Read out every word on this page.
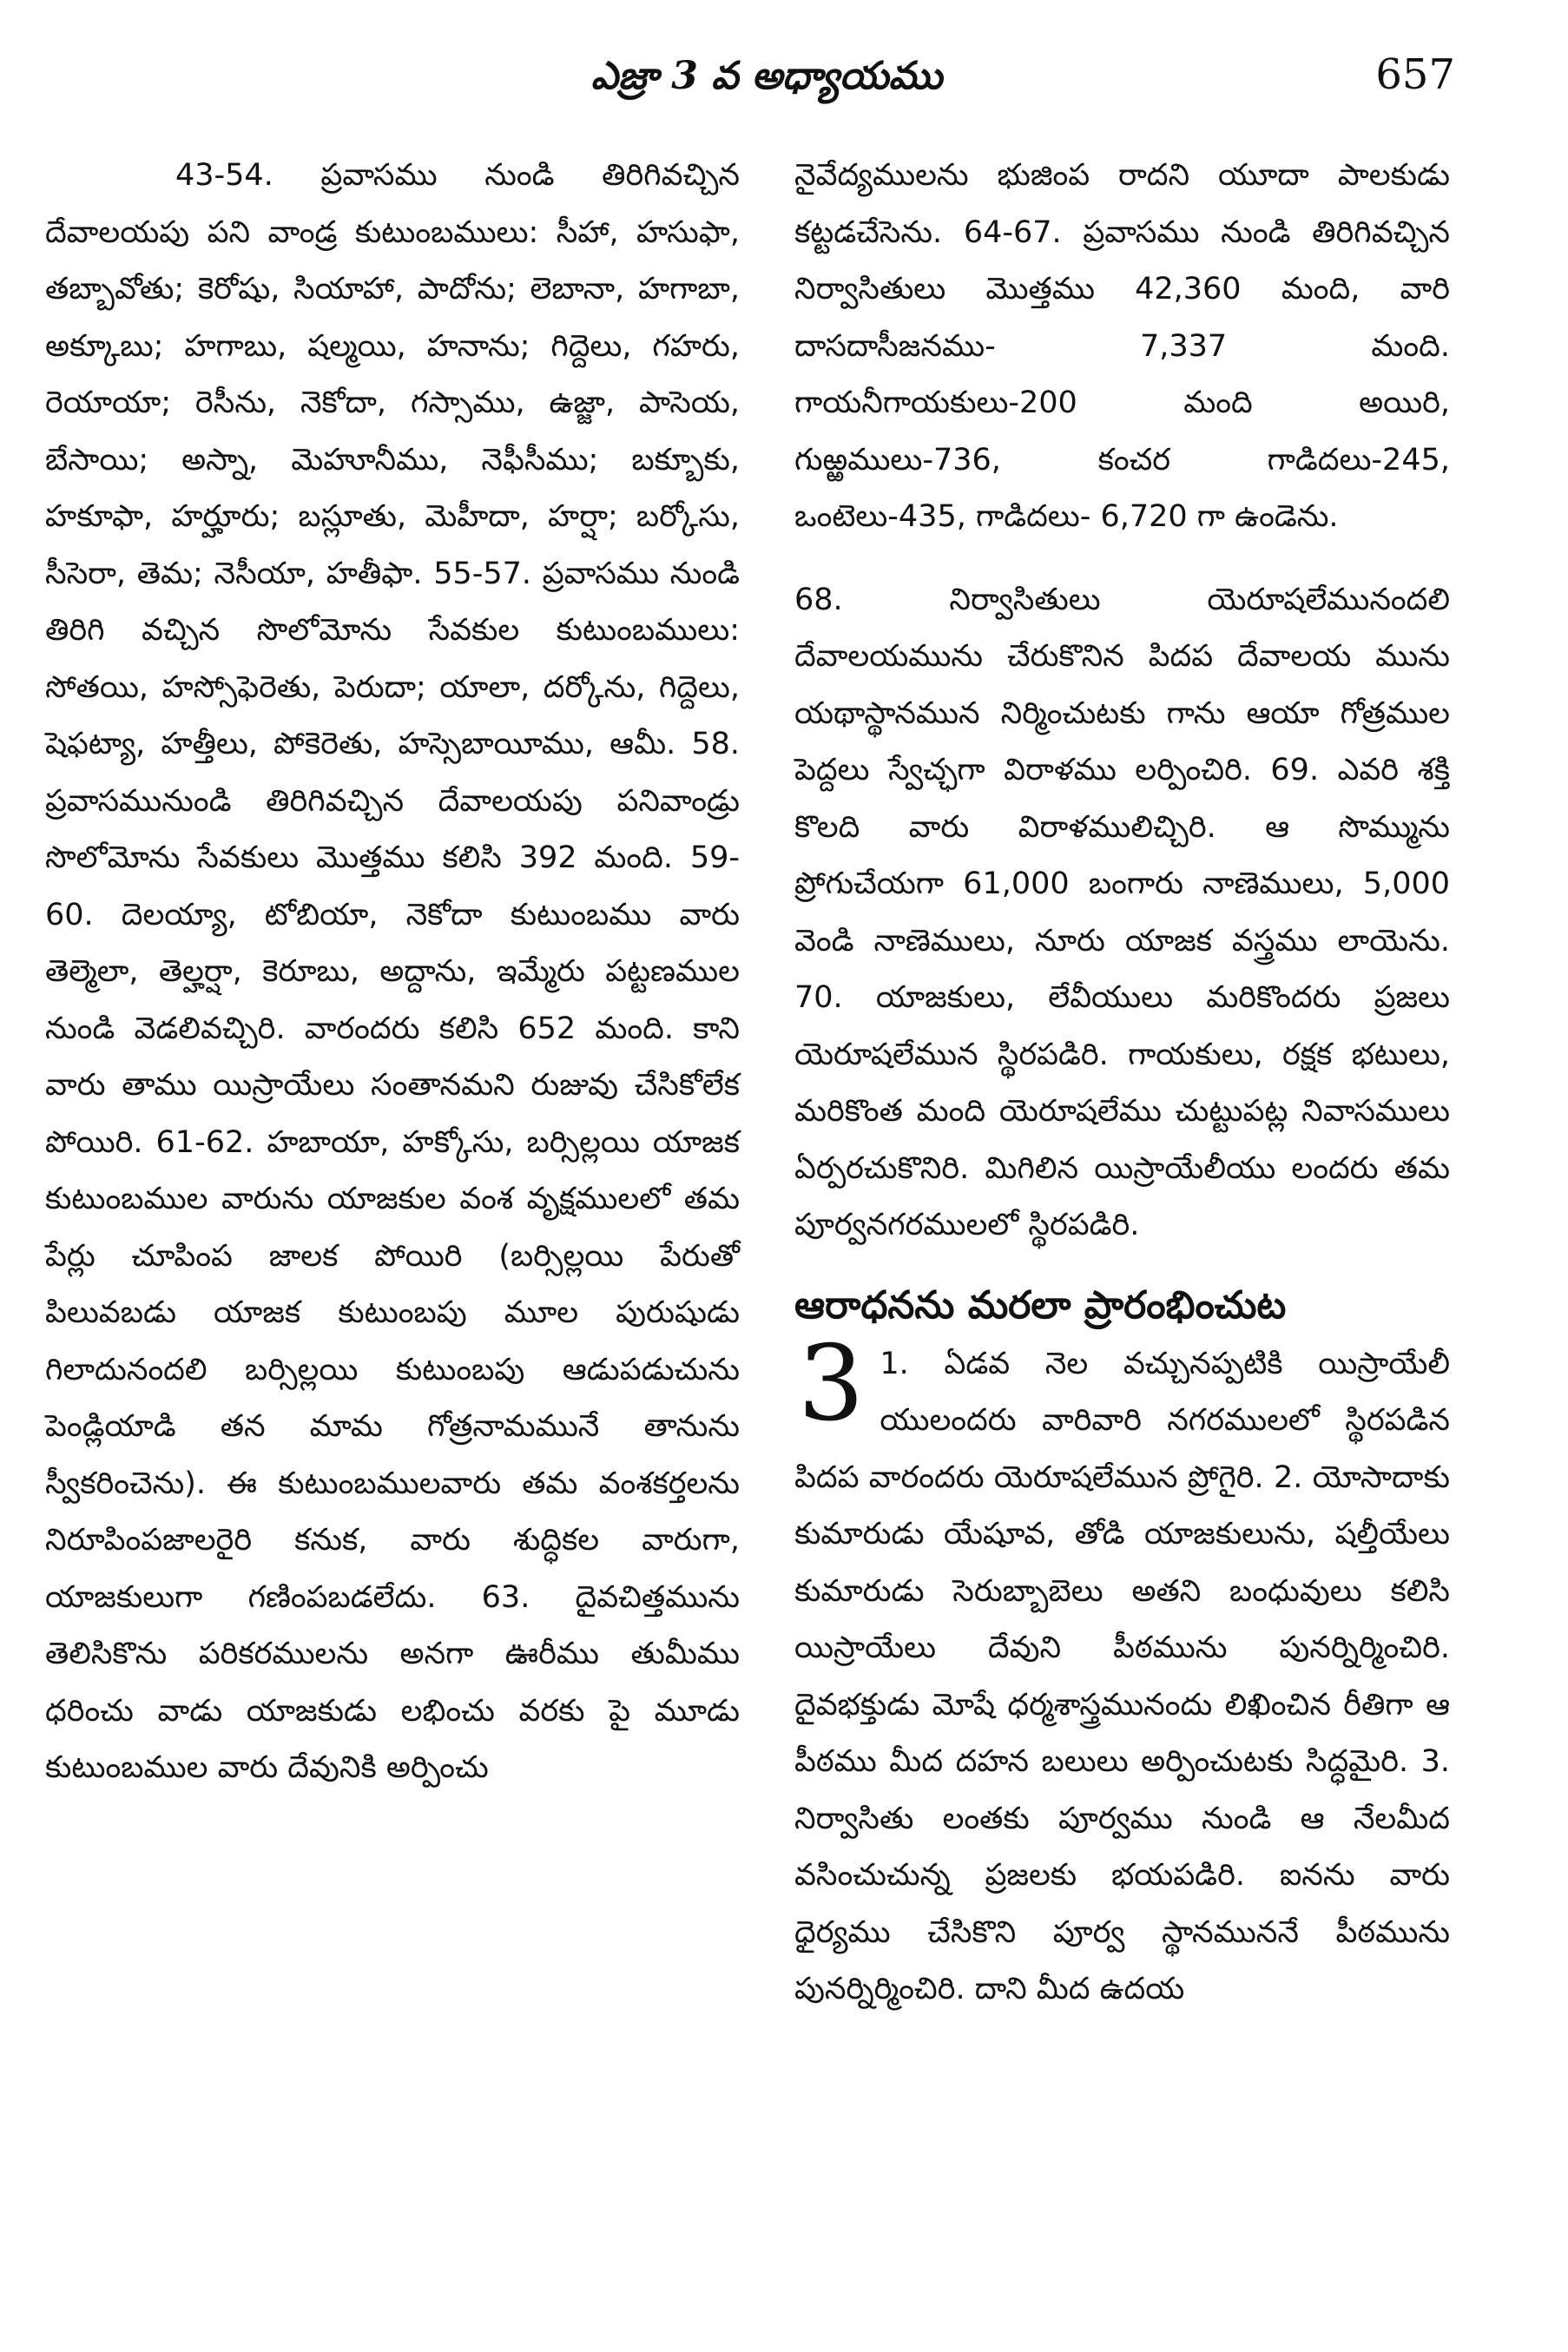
ఎజ్రా 3 వ అధ్యాయము	657

43-54. ప్రవాసము నుండి తిరిగివచ్చిన దేవాలయపు పని వాండ్ర కుటుంబములు: సీహా, హసుఫా, తబ్బావోతు; కెరోషు, సియాహా, పాదోను; లెబానా, హగాబా, అక్కూబు; హగాబు, షల్మయి, హనాను; గిద్దెలు, గహరు, రెయాయా; రెసీను, నెకోదా, గస్సాము, ఉజ్జా, పాసెయ, బేసాయి; అస్నా, మెహూనీము, నెఫీసీము; బక్బూకు, హకూఫా, హర్హూరు; బస్లూతు, మెహీదా, హర్షా; బర్కోసు, సీసెరా, తెమ; నెసీయా, హతీఫా. 55-57. ప్రవాసము నుండి తిరిగి వచ్చిన సొలోమోను సేవకుల కుటుంబములు: సోతయి, హస్సోఫెరెతు, పెరుదా; యాలా, దర్కోను, గిద్దెలు, షెఫట్యా, హత్తీలు, పోకెరెతు, హస్సెబాయీము, ఆమీ. 58. ప్రవాసమునుండి తిరిగివచ్చిన దేవాలయపు పనివాండ్రు సొలోమోను సేవకులు మొత్తము కలిసి 392 మంది. 59-60. దెలయ్యా, టోబియా, నెకోదా కుటుంబము వారు తెల్మెలా, తెల్హర్షా, కెరూబు, అద్దాను, ఇమ్మేరు పట్టణముల నుండి వెడలివచ్చిరి. వారందరు కలిసి 652 మంది. కాని వారు తాము యిస్రాయేలు సంతానమని రుజువు చేసికోలేక పోయిరి. 61-62. హబాయా, హక్కోసు, బర్సిల్లయి యాజక కుటుంబముల వారును యాజకుల వంశ వృక్షములలో తమ పేర్లు చూపింప జాలక పోయిరి (బర్సిల్లయి పేరుతో పిలువబడు యాజక కుటుంబపు మూల పురుషుడు గిలాదునందలి బర్సిల్లయి కుటుంబపు ఆడుపడుచును పెండ్లియాడి తన మామ గోత్రనామమునే తానును స్వీకరించెను). ఈ కుటుంబములవారు తమ వంశకర్తలను నిరూపింపజాలరైరి కనుక, వారు శుద్ధికల వారుగా, యాజకులుగా గణింపబడలేదు. 63. దైవచిత్తమును తెలిసికొను పరికరములను అనగా ఊరీము తుమీము ధరించు వాడు యాజకుడు లభించు వరకు పై మూడు కుటుంబముల వారు దేవునికి అర్పించు

నైవేద్యములను భుజింప రాదని యూదా పాలకుడు కట్టడచేసెను. 64-67. ప్రవాసము నుండి తిరిగివచ్చిన నిర్వాసితులు మొత్తము 42,360 మంది, వారి దాసదాసీజనము- 7,337 మంది. గాయనీగాయకులు-200 మంది అయిరి, గుఱ్ఱములు-736, కంచర గాడిదలు-245, ఒంటెలు-435, గాడిదలు- 6,720 గా ఉండెను.

68. నిర్వాసితులు యెరూషలేమునందలి దేవాలయమును చేరుకొనిన పిదప దేవాలయ మును యథాస్థానమున నిర్మించుటకు గాను ఆయా గోత్రముల పెద్దలు స్వేచ్ఛగా విరాళము లర్పించిరి. 69. ఎవరి శక్తి కొలది వారు విరాళములిచ్చిరి. ఆ సొమ్మును ప్రోగుచేయగా 61,000 బంగారు నాణెములు, 5,000 వెండి నాణెములు, నూరు యాజక వస్త్రము లాయెను. 70. యాజకులు, లేవీయులు మరికొందరు ప్రజలు యెరూషలేమున స్థిరపడిరి. గాయకులు, రక్షక భటులు, మరికొంత మంది యెరూషలేము చుట్టుపట్ల నివాసములు ఏర్పరచుకొనిరి. మిగిలిన యిస్రాయేలీయు లందరు తమ పూర్వనగరములలో స్థిరపడిరి.

ఆరాధనను మరలా ప్రారంభించుట

3 1. ఏడవ నెల వచ్చునప్పటికి యిస్రాయేలీ యులందరు వారివారి నగరములలో స్థిరపడిన పిదప వారందరు యెరూషలేమున ప్రోగైరి. 2. యోసాదాకు కుమారుడు యేషూవ, తోడి యాజకులును, షల్తీయేలు కుమారుడు సెరుబ్బాబెలు అతని బంధువులు కలిసి యిస్రాయేలు దేవుని పీఠమును పునర్నిర్మించిరి. దైవభక్తుడు మోషే ధర్మశాస్త్రమునందు లిఖించిన రీతిగా ఆ పీఠము మీద దహన బలులు అర్పించుటకు సిద్ధమైరి. 3. నిర్వాసితు లంతకు పూర్వము నుండి ఆ నేలమీద వసించుచున్న ప్రజలకు భయపడిరి. ఐనను వారు ధైర్యము చేసికొని పూర్వ స్థానముననే పీఠమును పునర్నిర్మించిరి. దాని మీద ఉదయ
